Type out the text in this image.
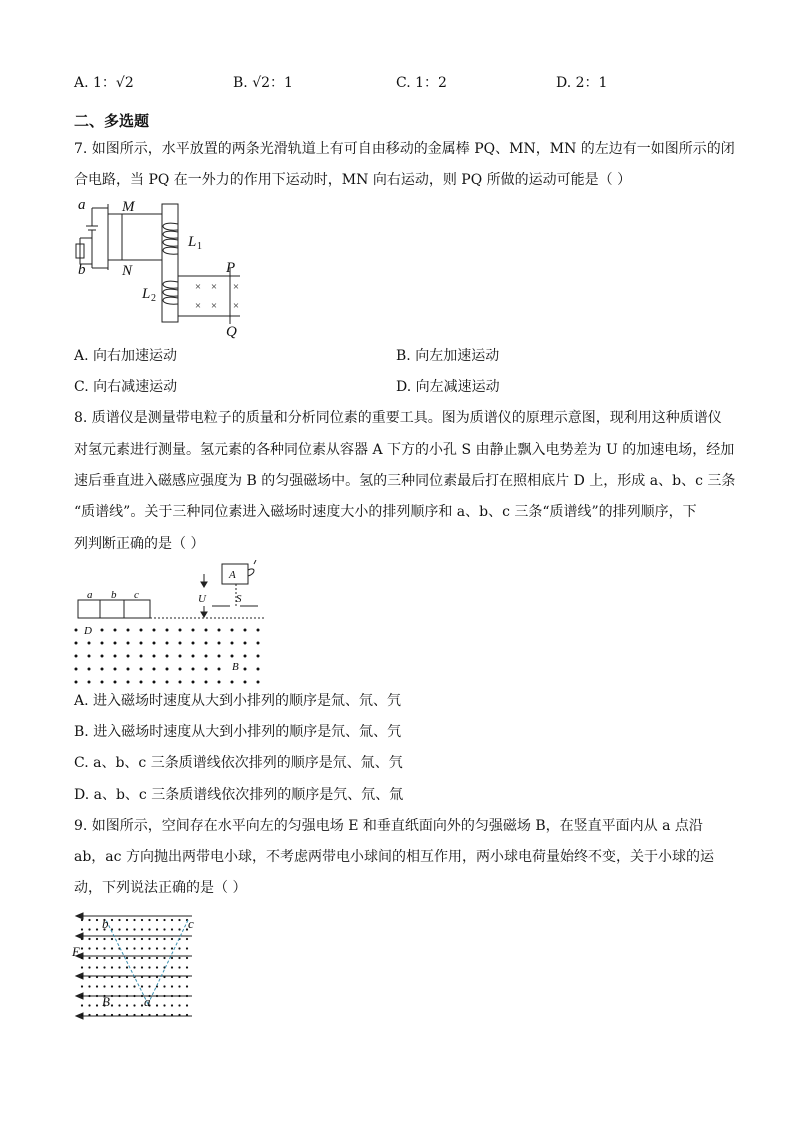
A. 1：√2	B. √2：1	C. 1：2	D. 2：1
二、多选题
7. 如图所示，水平放置的两条光滑轨道上有可自由移动的金属棒 PQ、MN，MN 的左边有一如图所示的闭
合电路，当 PQ 在一外力的作用下运动时，MN 向右运动，则 PQ 所做的运动可能是（ ）
× × ×
× × ×
a
b
M
N
L
L
P
Q
1
2
A. 向右加速运动	B. 向左加速运动
C. 向右减速运动	D. 向左减速运动
8. 质谱仪是测量带电粒子的质量和分析同位素的重要工具。图为质谱仪的原理示意图，现利用这种质谱仪
对氢元素进行测量。氢元素的各种同位素从容器 A 下方的小孔 S 由静止飘入电势差为 U 的加速电场，经加
速后垂直进入磁感应强度为 B 的匀强磁场中。氢的三种同位素最后打在照相底片 D 上，形成 a、b、c 三条
“质谱线”。关于三种同位素进入磁场时速度大小的排列顺序和 a、b、c 三条“质谱线”的排列顺序，下
列判断正确的是（ ）
a b c
A
U	S
D
B
A. 进入磁场时速度从大到小排列的顺序是氚、氘、氕
B. 进入磁场时速度从大到小排列的顺序是氘、氚、氕
C. a、b、c 三条质谱线依次排列的顺序是氘、氚、氕
D. a、b、c 三条质谱线依次排列的顺序是氕、氘、氚
9. 如图所示，空间存在水平向左的匀强电场 E 和垂直纸面向外的匀强磁场 B，在竖直平面内从 a 点沿
ab，ac 方向抛出两带电小球，不考虑两带电小球间的相互作用，两小球电荷量始终不变，关于小球的运
动，下列说法正确的是（ ）
b	c
E
B	a
